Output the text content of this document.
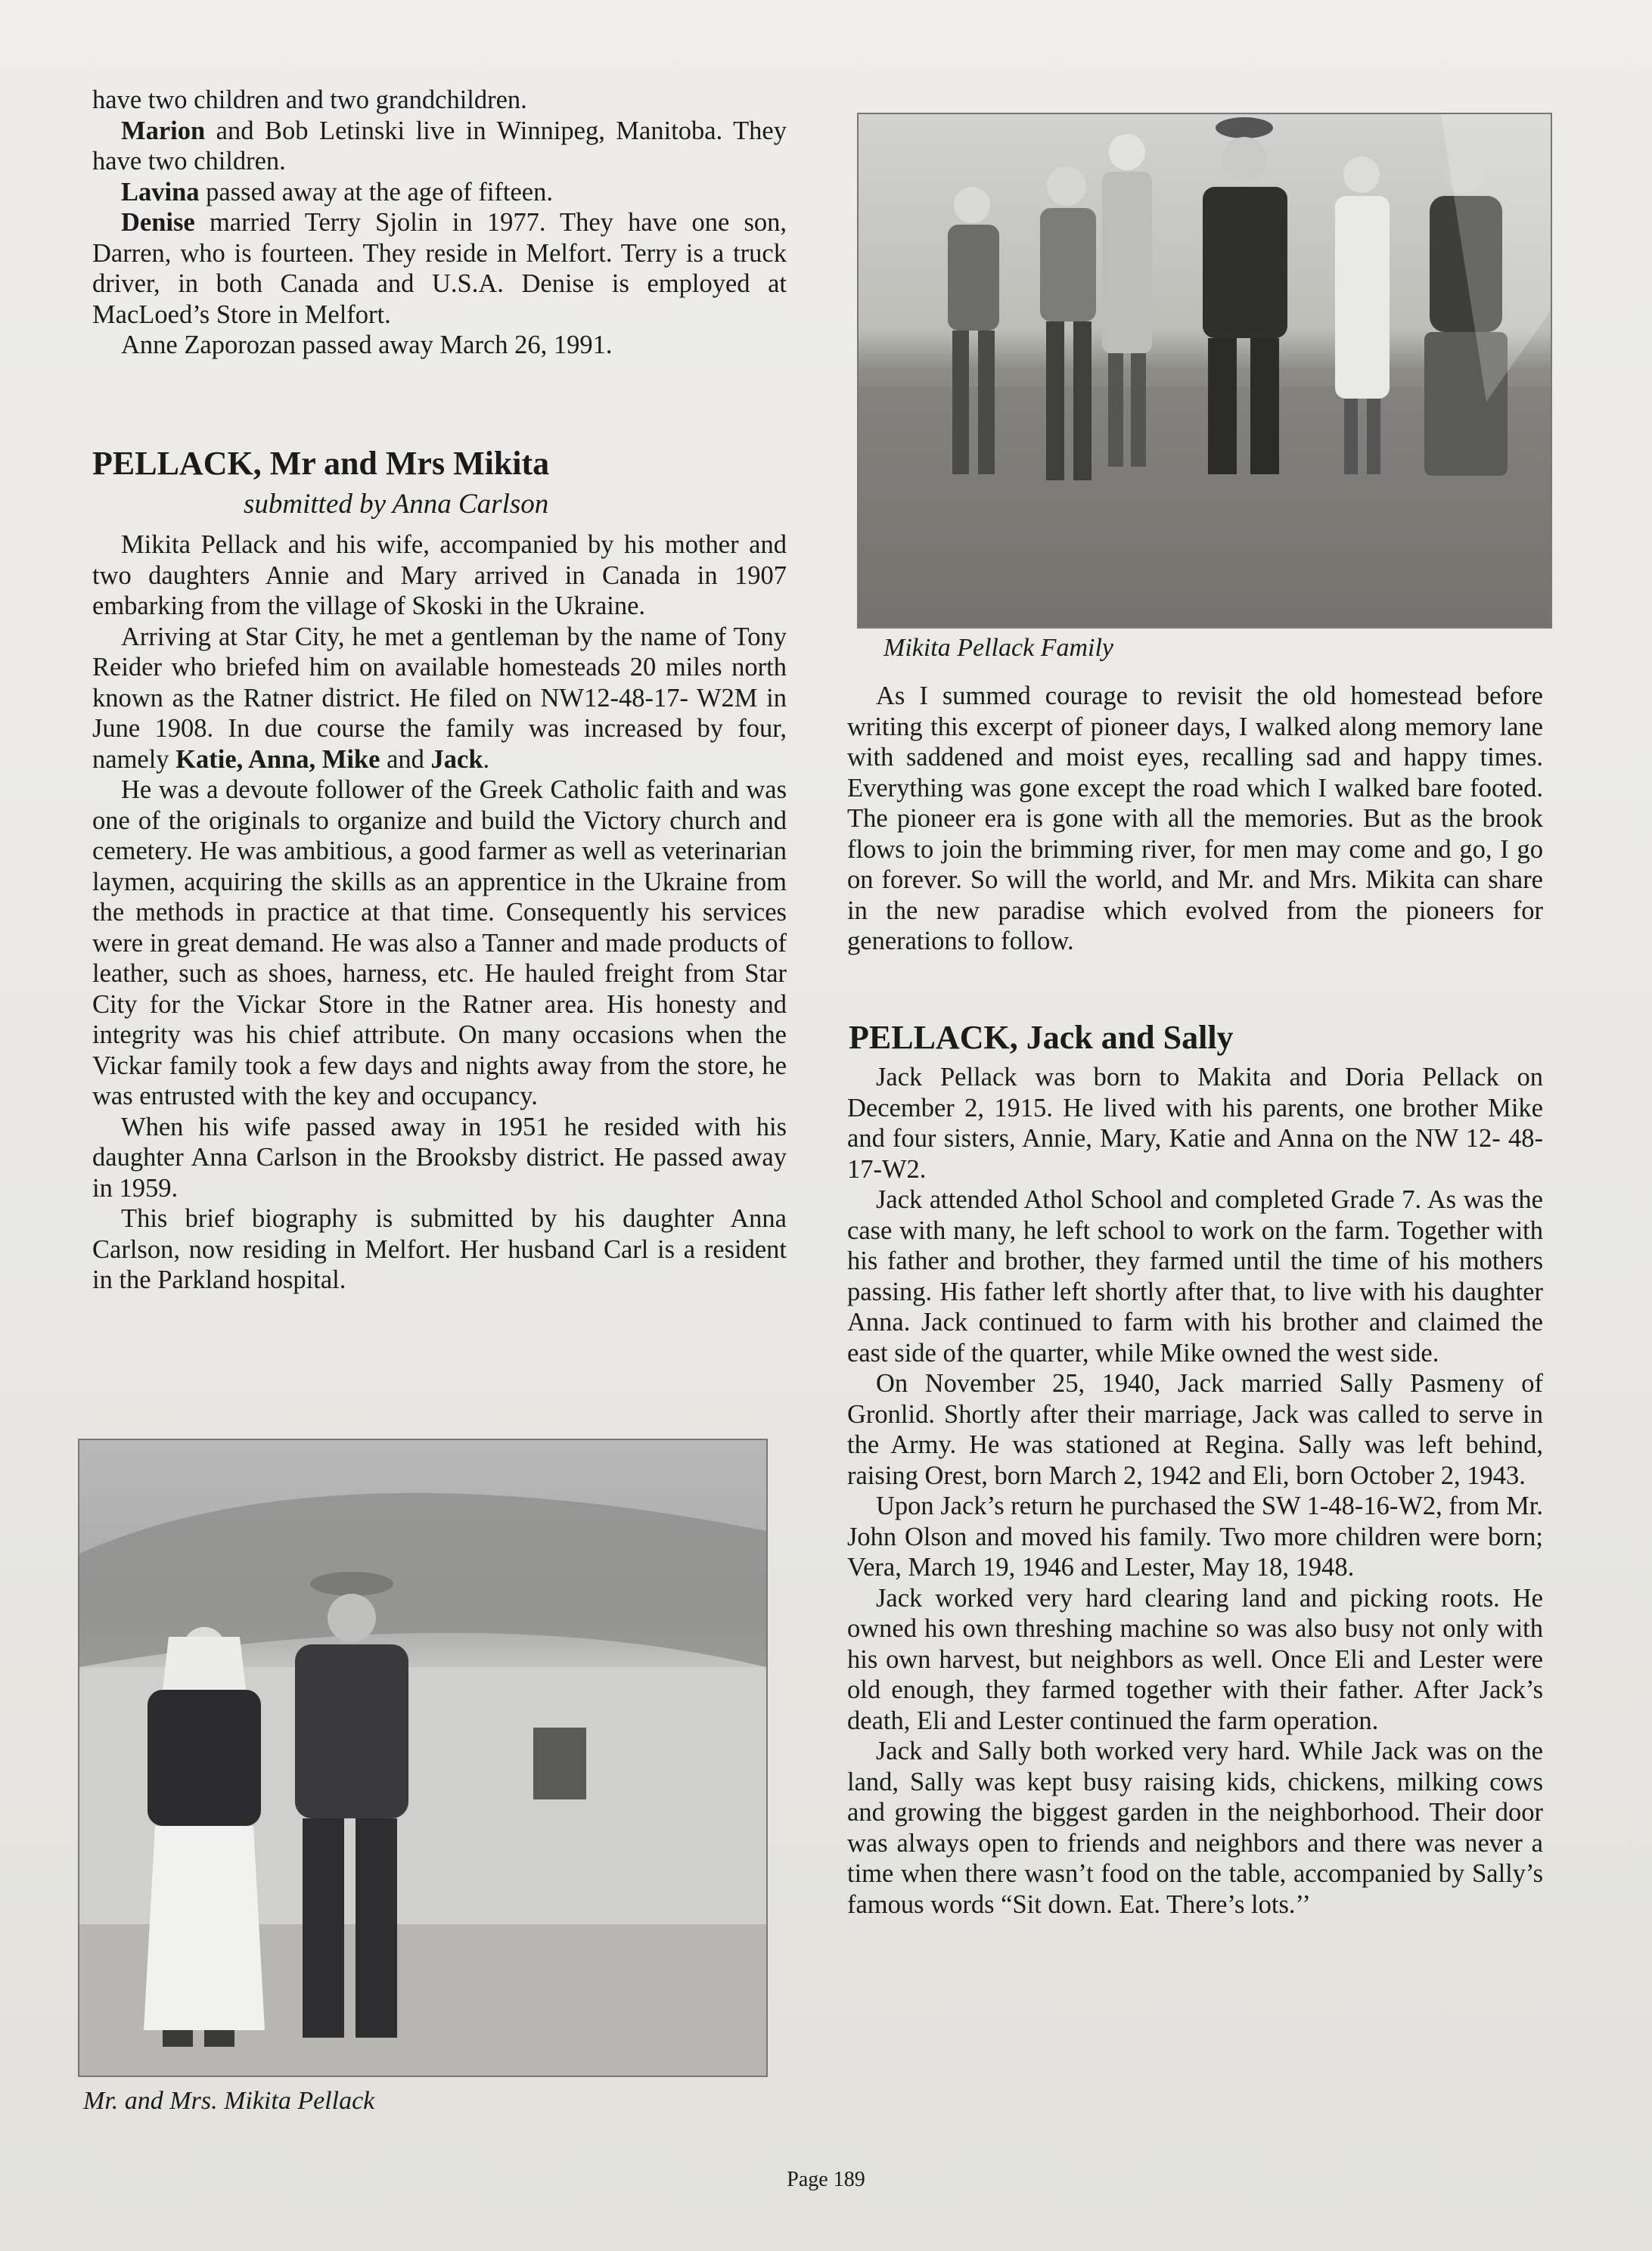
have two children and two grandchildren.

Marion and Bob Letinski live in Winnipeg, Manitoba. They have two children.

Lavina passed away at the age of fifteen.

Denise married Terry Sjolin in 1977. They have one son, Darren, who is fourteen. They reside in Melfort. Terry is a truck driver, in both Canada and U.S.A. Denise is employed at MacLoed’s Store in Melfort.

Anne Zaporozan passed away March 26, 1991.

PELLACK, Mr and Mrs Mikita
submitted by Anna Carlson

Mikita Pellack and his wife, accompanied by his mother and two daughters Annie and Mary arrived in Canada in 1907 embarking from the village of Skoski in the Ukraine.

Arriving at Star City, he met a gentleman by the name of Tony Reider who briefed him on available homesteads 20 miles north known as the Ratner district. He filed on NW12-48-17- W2M in June 1908. In due course the family was increased by four, namely Katie, Anna, Mike and Jack.

He was a devoute follower of the Greek Catholic faith and was one of the originals to organize and build the Victory church and cemetery. He was ambitious, a good farmer as well as veterinarian laymen, acquiring the skills as an apprentice in the Ukraine from the methods in practice at that time. Consequently his services were in great demand. He was also a Tanner and made products of leather, such as shoes, harness, etc. He hauled freight from Star City for the Vickar Store in the Ratner area. His honesty and integrity was his chief attribute. On many occasions when the Vickar family took a few days and nights away from the store, he was entrusted with the key and occupancy.

When his wife passed away in 1951 he resided with his daughter Anna Carlson in the Brooksby district. He passed away in 1959.

This brief biography is submitted by his daughter Anna Carlson, now residing in Melfort. Her husband Carl is a resident in the Parkland hospital.

Mikita Pellack Family

As I summed courage to revisit the old homestead before writing this excerpt of pioneer days, I walked along memory lane with saddened and moist eyes, recalling sad and happy times. Everything was gone except the road which I walked bare footed. The pioneer era is gone with all the memories. But as the brook flows to join the brimming river, for men may come and go, I go on forever. So will the world, and Mr. and Mrs. Mikita can share in the new paradise which evolved from the pioneers for generations to follow.

PELLACK, Jack and Sally

Jack Pellack was born to Makita and Doria Pellack on December 2, 1915. He lived with his parents, one brother Mike and four sisters, Annie, Mary, Katie and Anna on the NW 12- 48-17-W2.

Jack attended Athol School and completed Grade 7. As was the case with many, he left school to work on the farm. Together with his father and brother, they farmed until the time of his mothers passing. His father left shortly after that, to live with his daughter Anna. Jack continued to farm with his brother and claimed the east side of the quarter, while Mike owned the west side.

On November 25, 1940, Jack married Sally Pasmeny of Gronlid. Shortly after their marriage, Jack was called to serve in the Army. He was stationed at Regina. Sally was left behind, raising Orest, born March 2, 1942 and Eli, born October 2, 1943.

Upon Jack’s return he purchased the SW 1-48-16-W2, from Mr. John Olson and moved his family. Two more children were born; Vera, March 19, 1946 and Lester, May 18, 1948.

Jack worked very hard clearing land and picking roots. He owned his own threshing machine so was also busy not only with his own harvest, but neighbors as well. Once Eli and Lester were old enough, they farmed together with their father. After Jack’s death, Eli and Lester continued the farm operation.

Jack and Sally both worked very hard. While Jack was on the land, Sally was kept busy raising kids, chickens, milking cows and growing the biggest garden in the neighborhood. Their door was always open to friends and neighbors and there was never a time when there wasn’t food on the table, accompanied by Sally’s famous words “Sit down. Eat. There’s lots.’’

Mr. and Mrs. Mikita Pellack
Page 189
